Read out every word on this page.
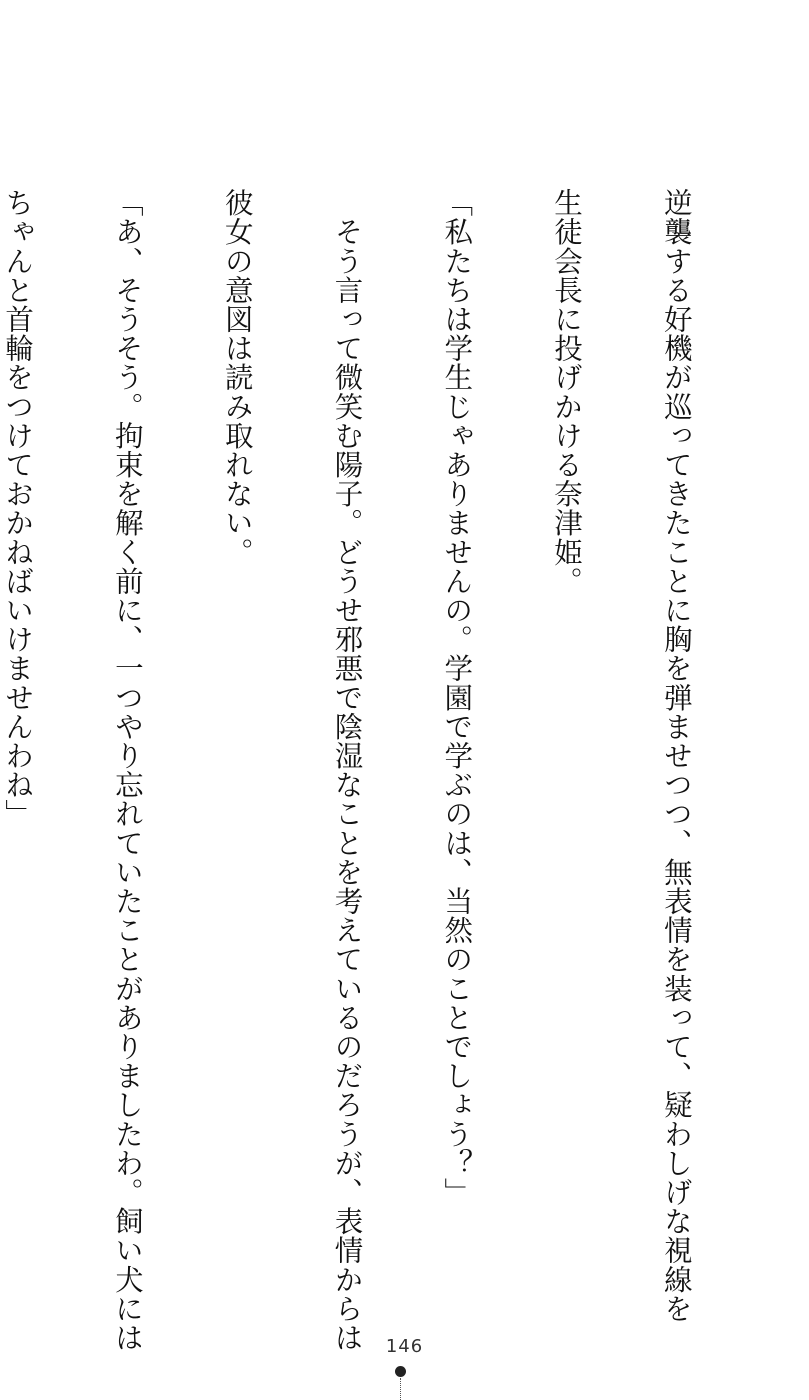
逆襲する好機が巡ってきたことに胸を弾ませつつ、無表情を装って、疑わしげな視線を

生徒会長に投げかける奈津姫。

「私たちは学生じゃありませんの。学園で学ぶのは、当然のことでしょう？」

　そう言って微笑む陽子。どうせ邪悪で陰湿なことを考えているのだろうが、表情からは

彼女の意図は読み取れない。

「あ、そうそう。拘束を解く前に、一つやり忘れていたことがありましたわ。飼い犬には

ちゃんと首輪をつけておかねばいけませんわね」

146
